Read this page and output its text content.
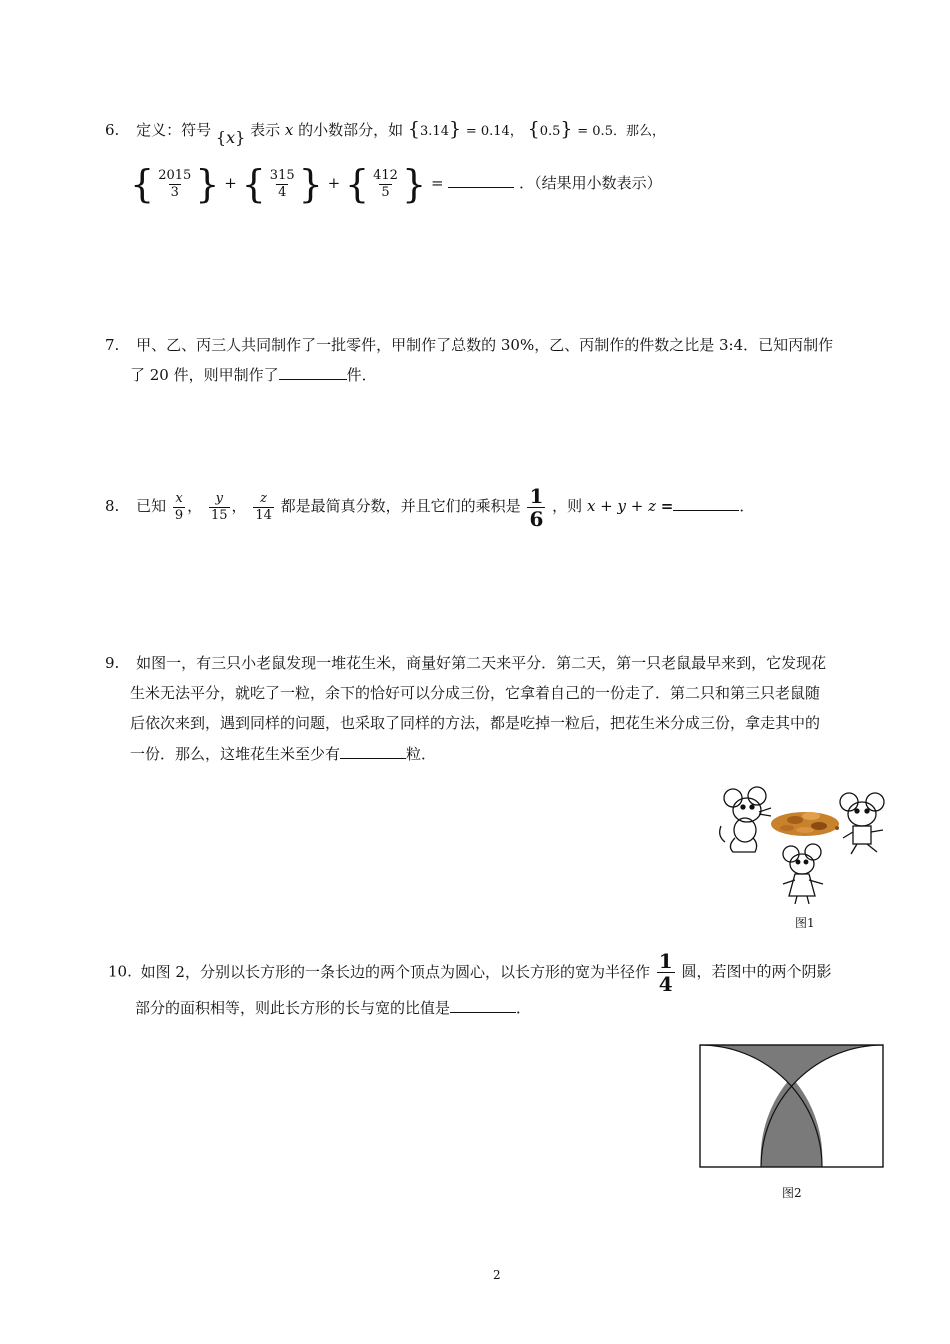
6. 定义：符号 {x} 表示 x 的小数部分，如 {3.14} = 0.14， {0.5} = 0.5．那么，
{ $\frac{2015}{3}$ } + { $\frac{315}{4}$ } + { $\frac{412}{5}$ } =	．（结果用小数表示）
7. 甲、乙、丙三人共同制作了一批零件，甲制作了总数的 30%，乙、丙制作的件数之比是 3:4．已知丙制作
了 20 件，则甲制作了	件．
8. 已知 $\frac{x}{9}$ ， $\frac{y}{15}$ ， $\frac{z}{14}$ 都是最简真分数，并且它们的乘积是 $\frac{1}{6}$ ，则 x + y + z =	．
9. 如图一，有三只小老鼠发现一堆花生米，商量好第二天来平分．第二天，第一只老鼠最早来到，它发现花
生米无法平分，就吃了一粒，余下的恰好可以分成三份，它拿着自己的一份走了．第二只和第三只老鼠随
后依次来到，遇到同样的问题，也采取了同样的方法，都是吃掉一粒后，把花生米分成三份，拿走其中的
一份．那么，这堆花生米至少有	粒．
图1
10. 如图 2，分别以长方形的一条长边的两个顶点为圆心，以长方形的宽为半径作 $\frac{1}{4}$ 圆，若图中的两个阴影
部分的面积相等，则此长方形的长与宽的比值是	．
图2
2
